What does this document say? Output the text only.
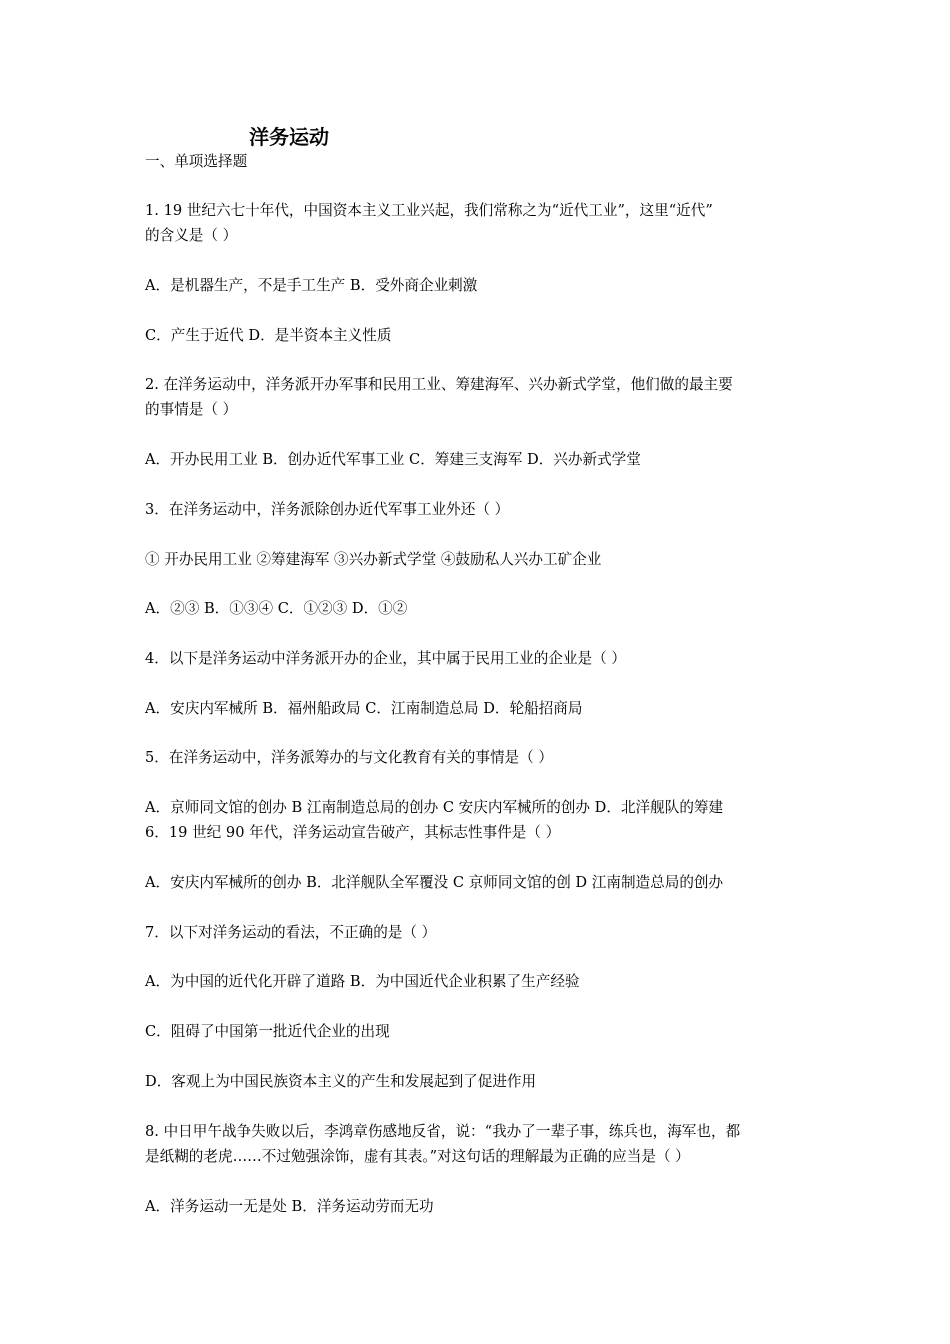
洋务运动
一、单项选择题
1. 19 世纪六七十年代，中国资本主义工业兴起，我们常称之为“近代工业”，这里“近代”
的含义是（ ）
A．是机器生产，不是手工生产 B．受外商企业刺激
C．产生于近代 D．是半资本主义性质
2. 在洋务运动中，洋务派开办军事和民用工业、筹建海军、兴办新式学堂，他们做的最主要
的事情是（ ）
A．开办民用工业 B．创办近代军事工业 C．筹建三支海军 D．兴办新式学堂
3．在洋务运动中，洋务派除创办近代军事工业外还（ ）
① 开办民用工业 ②筹建海军 ③兴办新式学堂 ④鼓励私人兴办工矿企业
A．②③ B．①③④ C．①②③ D．①②
4．以下是洋务运动中洋务派开办的企业，其中属于民用工业的企业是（ ）
A．安庆内军械所 B．福州船政局 C．江南制造总局 D．轮船招商局
5．在洋务运动中，洋务派筹办的与文化教育有关的事情是（ ）
A．京师同文馆的创办 B 江南制造总局的创办 C 安庆内军械所的创办 D．北洋舰队的筹建
6．19 世纪 90 年代，洋务运动宣告破产，其标志性事件是（ ）
A．安庆内军械所的创办 B．北洋舰队全军覆没 C 京师同文馆的创 D 江南制造总局的创办
7．以下对洋务运动的看法，不正确的是（ ）
A．为中国的近代化开辟了道路 B．为中国近代企业积累了生产经验
C．阻碍了中国第一批近代企业的出现
D．客观上为中国民族资本主义的产生和发展起到了促进作用
8. 中日甲午战争失败以后，李鸿章伤感地反省，说：“我办了一辈子事，练兵也，海军也，都
是纸糊的老虎……不过勉强涂饰，虚有其表。”对这句话的理解最为正确的应当是（ ）
A．洋务运动一无是处 B．洋务运动劳而无功
